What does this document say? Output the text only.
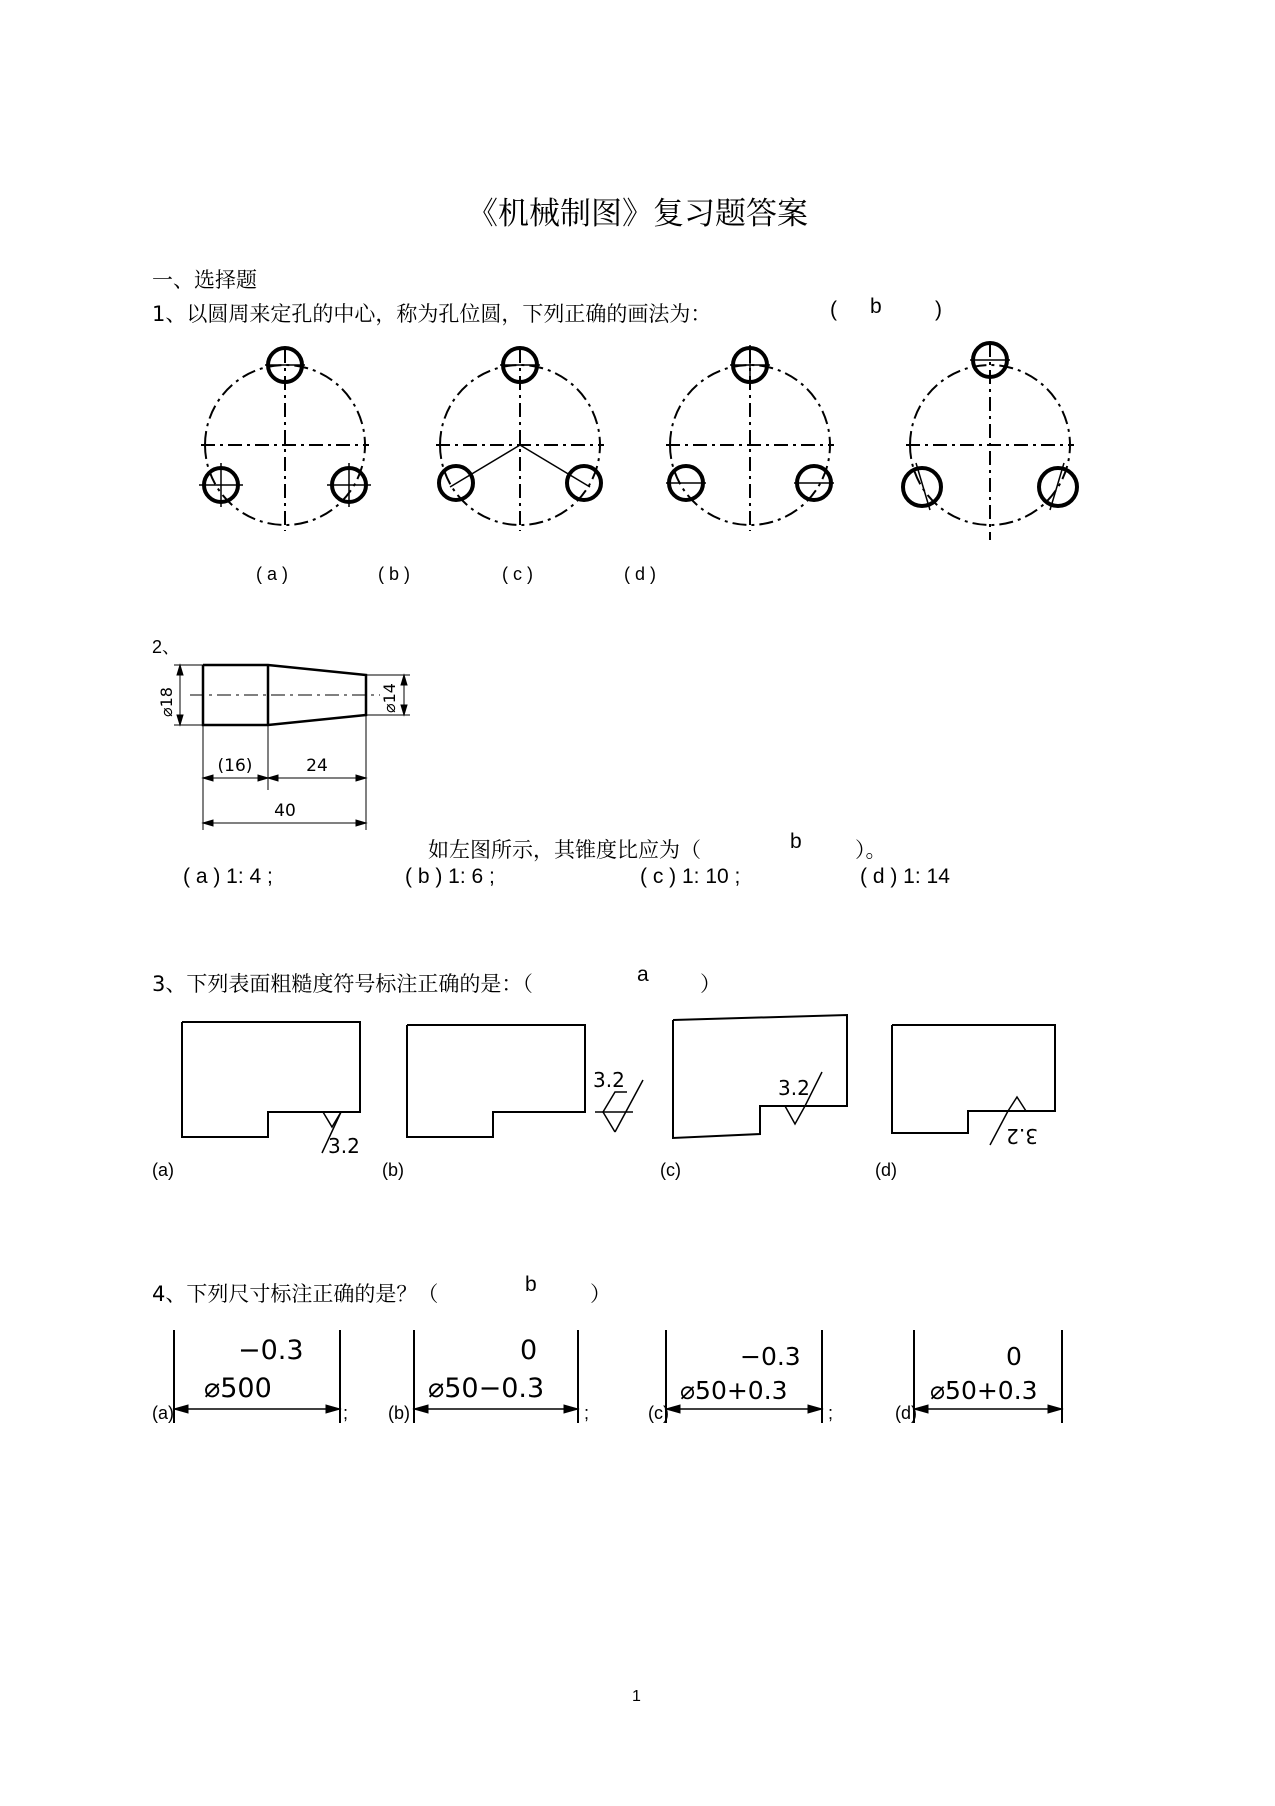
《机械制图》复习题答案
一、选择题
1、以圆周来定孔的中心，称为孔位圆，下列正确的画法为：	( b	)
( a )	( b )	( c )	( d )
2、
⌀18	⌀14
(16)	24
40
如左图所示，其锥度比应为（	b	）。
( a ) 1: 4 ;	( b ) 1: 6 ;	( c ) 1: 10 ;	( d ) 1: 14
3、下列表面粗糙度符号标注正确的是：（	a ）
3.2
3.2	3.2
3.2
(a)	(b)	(c)	(d)
4、下列尺寸标注正确的是？（	b	）
−0.3
⌀500
0
⌀50−0.3
−0.3
⌀50+0.3
0
⌀50+0.3
(a)	; (b)	;	(c)	;	(d)
1
